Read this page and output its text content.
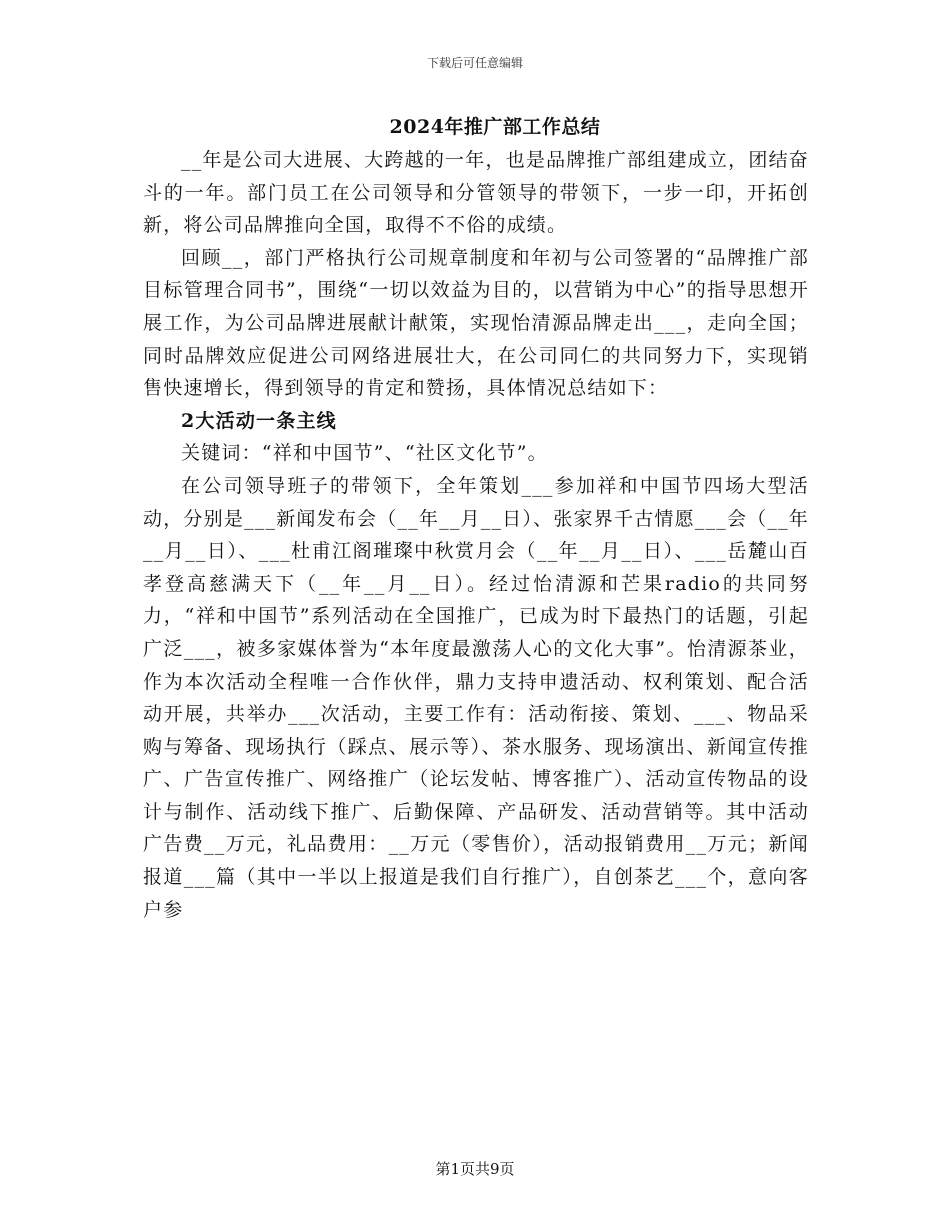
下载后可任意编辑
2024年推广部工作总结

__年是公司大进展、大跨越的一年，也是品牌推广部组建成立，团结奋斗的一年。部门员工在公司领导和分管领导的带领下，一步一印，开拓创新，将公司品牌推向全国，取得不不俗的成绩。

回顾__，部门严格执行公司规章制度和年初与公司签署的“品牌推广部目标管理合同书”，围绕“一切以效益为目的，以营销为中心”的指导思想开展工作，为公司品牌进展献计献策，实现怡清源品牌走出___，走向全国；同时品牌效应促进公司网络进展壮大，在公司同仁的共同努力下，实现销售快速增长，得到领导的肯定和赞扬，具体情况总结如下：

2大活动一条主线

关键词：“祥和中国节”、“社区文化节”。

在公司领导班子的带领下，全年策划___参加祥和中国节四场大型活动，分别是___新闻发布会（__年__月__日）、张家界千古情愿___会（__年__月__日）、___杜甫江阁璀璨中秋赏月会（__年__月__日）、___岳麓山百孝登高慈满天下（__年__月__日）。经过怡清源和芒果radio的共同努力，“祥和中国节”系列活动在全国推广，已成为时下最热门的话题，引起广泛___，被多家媒体誉为“本年度最激荡人心的文化大事”。怡清源茶业，作为本次活动全程唯一合作伙伴，鼎力支持申遗活动、权利策划、配合活动开展，共举办___次活动，主要工作有：活动衔接、策划、___、物品采购与筹备、现场执行（踩点、展示等）、茶水服务、现场演出、新闻宣传推广、广告宣传推广、网络推广（论坛发帖、博客推广）、活动宣传物品的设计与制作、活动线下推广、后勤保障、产品研发、活动营销等。其中活动广告费__万元，礼品费用：__万元（零售价），活动报销费用__万元；新闻报道___篇（其中一半以上报道是我们自行推广），自创茶艺___个，意向客户参

第1页共9页
